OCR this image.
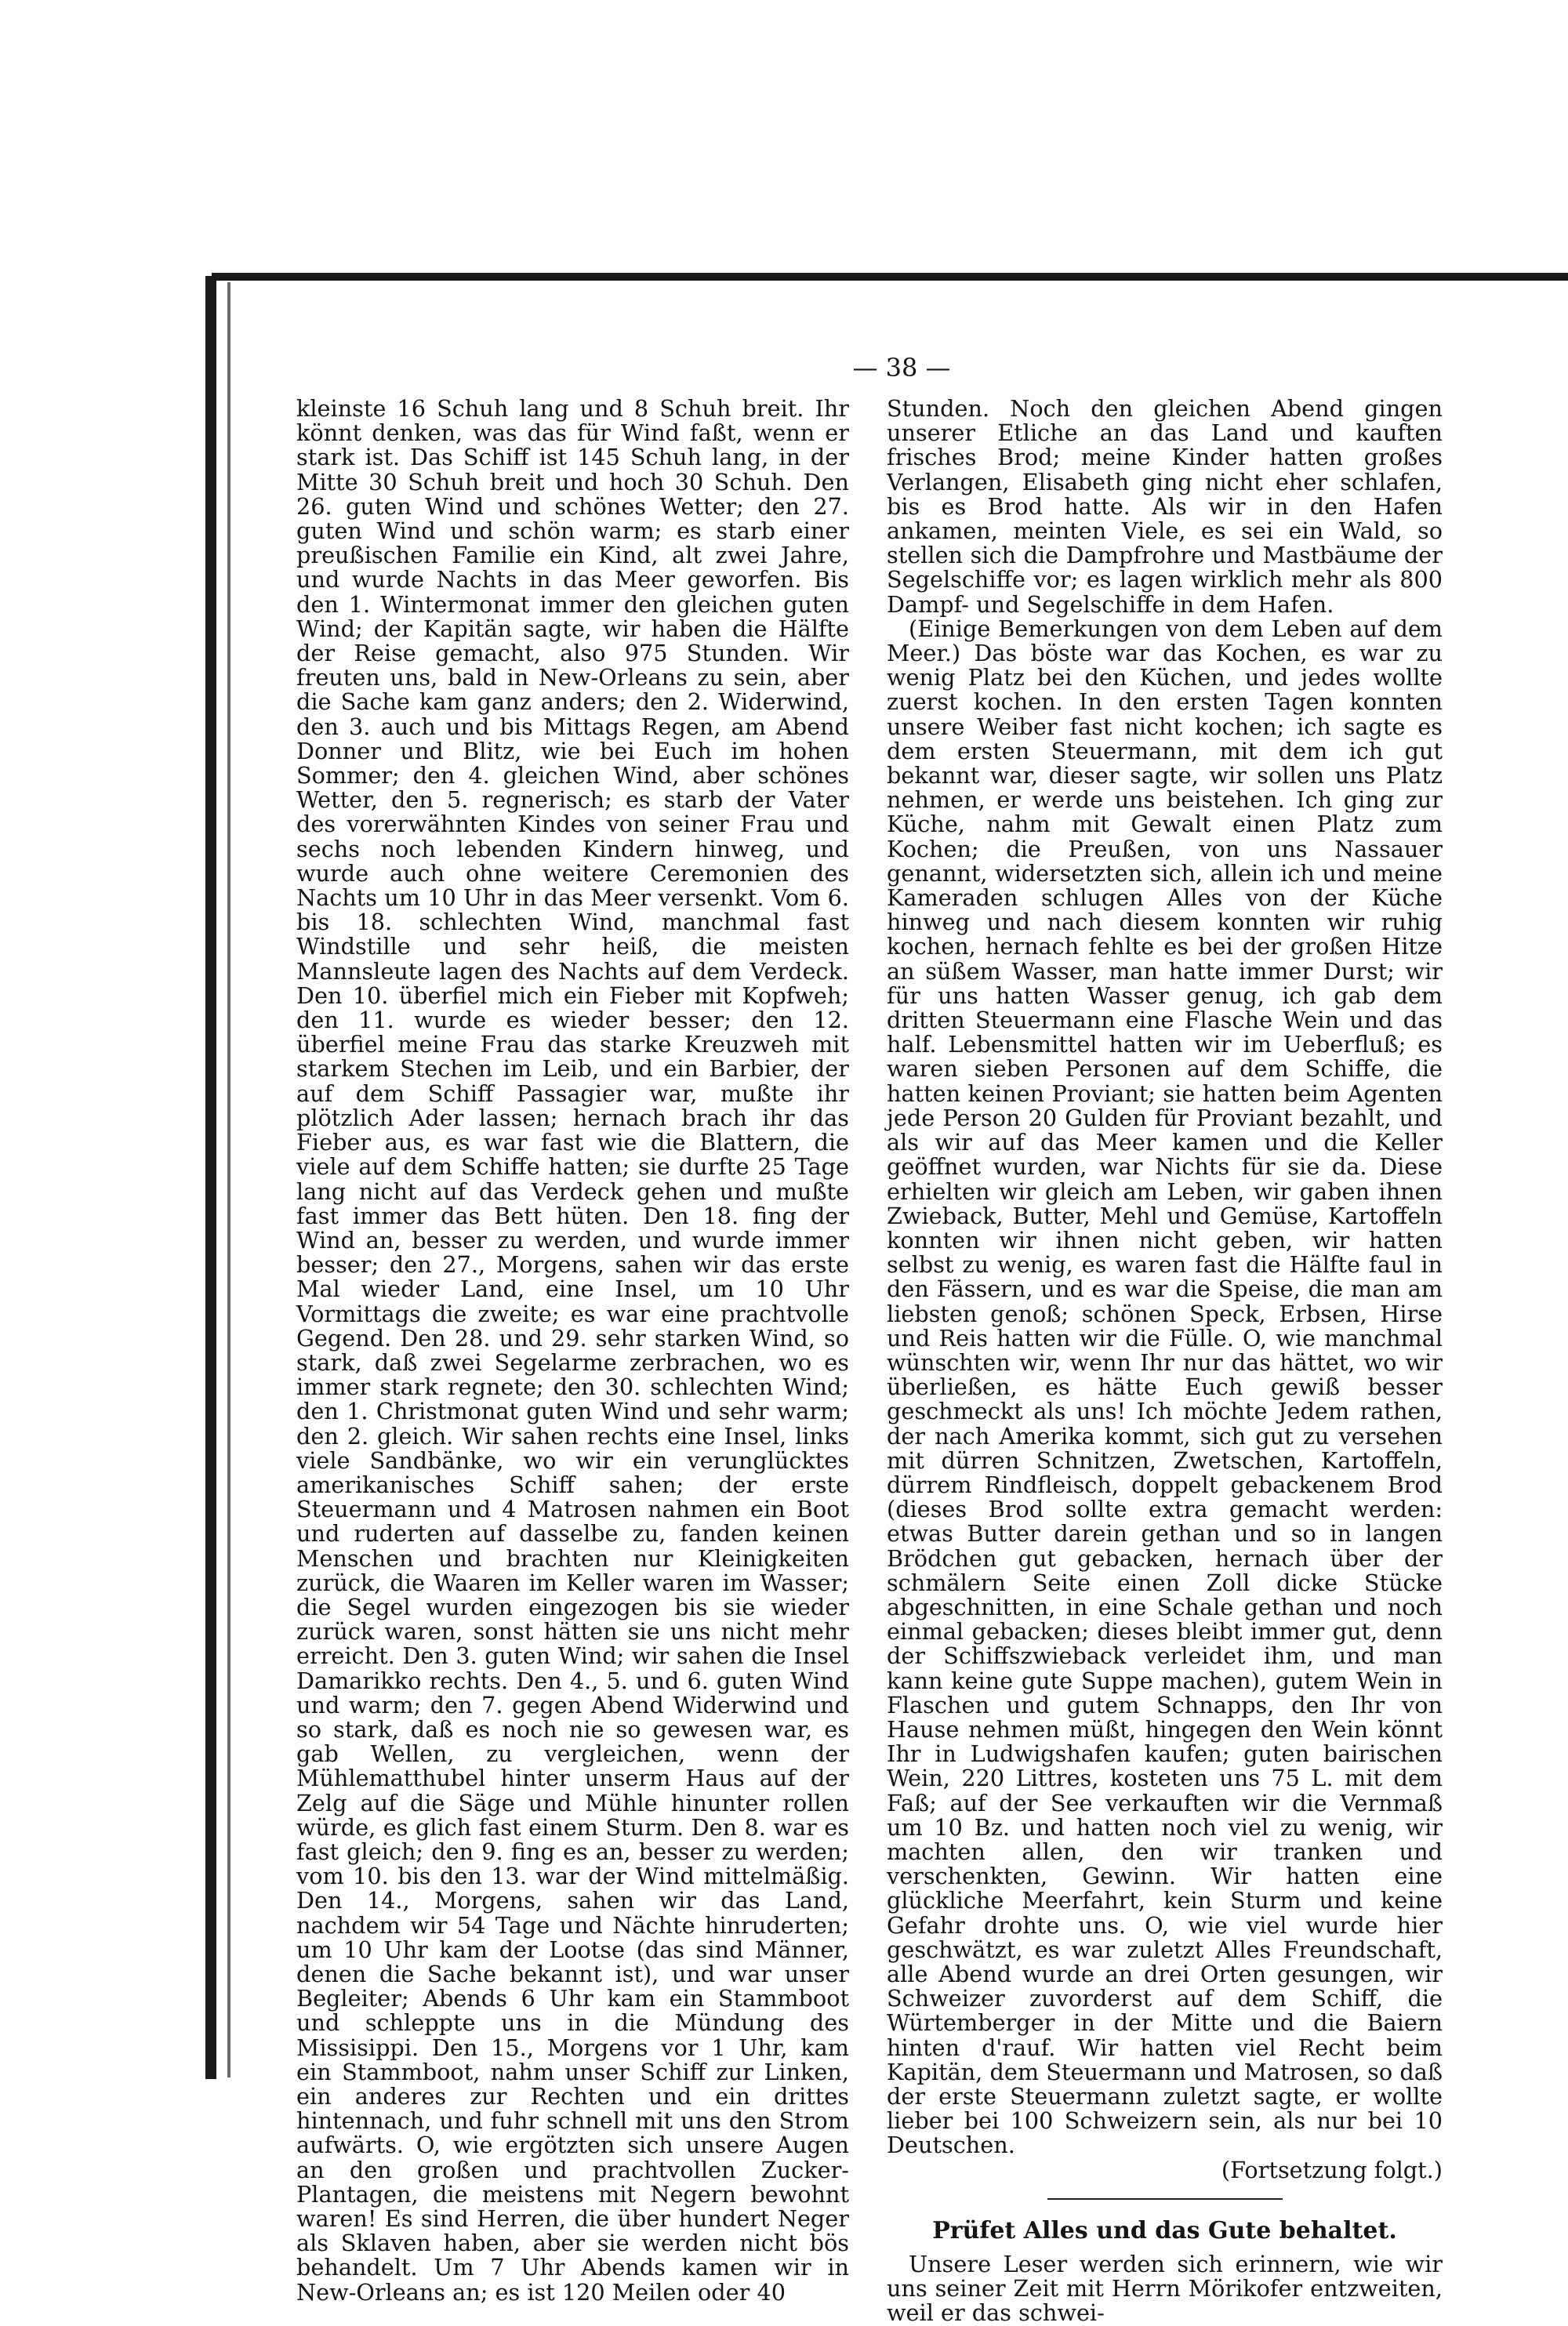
— 38 —

kleinste 16 Schuh lang und 8 Schuh breit. Ihr könnt denken, was das für Wind faßt, wenn er stark ist. Das Schiff ist 145 Schuh lang, in der Mitte 30 Schuh breit und hoch 30 Schuh. Den 26. guten Wind und schönes Wetter; den 27. guten Wind und schön warm; es starb einer preußischen Familie ein Kind, alt zwei Jahre, und wurde Nachts in das Meer geworfen. Bis den 1. Wintermonat immer den gleichen guten Wind; der Kapitän sagte, wir haben die Hälfte der Reise gemacht, also 975 Stunden. Wir freuten uns, bald in New-Orleans zu sein, aber die Sache kam ganz anders; den 2. Widerwind, den 3. auch und bis Mittags Regen, am Abend Donner und Blitz, wie bei Euch im hohen Sommer; den 4. gleichen Wind, aber schönes Wetter, den 5. regnerisch; es starb der Vater des vorerwähnten Kindes von seiner Frau und sechs noch lebenden Kindern hinweg, und wurde auch ohne weitere Ceremonien des Nachts um 10 Uhr in das Meer versenkt. Vom 6. bis 18. schlechten Wind, manchmal fast Windstille und sehr heiß, die meisten Mannsleute lagen des Nachts auf dem Verdeck. Den 10. überfiel mich ein Fieber mit Kopfweh; den 11. wurde es wieder besser; den 12. überfiel meine Frau das starke Kreuzweh mit starkem Stechen im Leib, und ein Barbier, der auf dem Schiff Passagier war, mußte ihr plötzlich Ader lassen; hernach brach ihr das Fieber aus, es war fast wie die Blattern, die viele auf dem Schiffe hatten; sie durfte 25 Tage lang nicht auf das Verdeck gehen und mußte fast immer das Bett hüten. Den 18. fing der Wind an, besser zu werden, und wurde immer besser; den 27., Morgens, sahen wir das erste Mal wieder Land, eine Insel, um 10 Uhr Vormittags die zweite; es war eine prachtvolle Gegend. Den 28. und 29. sehr starken Wind, so stark, daß zwei Segelarme zerbrachen, wo es immer stark regnete; den 30. schlechten Wind; den 1. Christmonat guten Wind und sehr warm; den 2. gleich. Wir sahen rechts eine Insel, links viele Sandbänke, wo wir ein verunglücktes amerikanisches Schiff sahen; der erste Steuermann und 4 Matrosen nahmen ein Boot und ruderten auf dasselbe zu, fanden keinen Menschen und brachten nur Kleinigkeiten zurück, die Waaren im Keller waren im Wasser; die Segel wurden eingezogen bis sie wieder zurück waren, sonst hätten sie uns nicht mehr erreicht. Den 3. guten Wind; wir sahen die Insel Damarikko rechts. Den 4., 5. und 6. guten Wind und warm; den 7. gegen Abend Widerwind und so stark, daß es noch nie so gewesen war, es gab Wellen, zu vergleichen, wenn der Mühlematthubel hinter unserm Haus auf der Zelg auf die Säge und Mühle hinunter rollen würde, es glich fast einem Sturm. Den 8. war es fast gleich; den 9. fing es an, besser zu werden; vom 10. bis den 13. war der Wind mittelmäßig. Den 14., Morgens, sahen wir das Land, nachdem wir 54 Tage und Nächte hinruderten; um 10 Uhr kam der Lootse (das sind Männer, denen die Sache bekannt ist), und war unser Begleiter; Abends 6 Uhr kam ein Stammboot und schleppte uns in die Mündung des Missisippi. Den 15., Morgens vor 1 Uhr, kam ein Stammboot, nahm unser Schiff zur Linken, ein anderes zur Rechten und ein drittes hintennach, und fuhr schnell mit uns den Strom aufwärts. O, wie ergötzten sich unsere Augen an den großen und prachtvollen Zucker-Plantagen, die meistens mit Negern bewohnt waren! Es sind Herren, die über hundert Neger als Sklaven haben, aber sie werden nicht bös behandelt. Um 7 Uhr Abends kamen wir in New-Orleans an; es ist 120 Meilen oder 40

Stunden. Noch den gleichen Abend gingen unserer Etliche an das Land und kauften frisches Brod; meine Kinder hatten großes Verlangen, Elisabeth ging nicht eher schlafen, bis es Brod hatte. Als wir in den Hafen ankamen, meinten Viele, es sei ein Wald, so stellen sich die Dampfrohre und Mastbäume der Segelschiffe vor; es lagen wirklich mehr als 800 Dampf- und Segelschiffe in dem Hafen.

(Einige Bemerkungen von dem Leben auf dem Meer.) Das böste war das Kochen, es war zu wenig Platz bei den Küchen, und jedes wollte zuerst kochen. In den ersten Tagen konnten unsere Weiber fast nicht kochen; ich sagte es dem ersten Steuermann, mit dem ich gut bekannt war, dieser sagte, wir sollen uns Platz nehmen, er werde uns beistehen. Ich ging zur Küche, nahm mit Gewalt einen Platz zum Kochen; die Preußen, von uns Nassauer genannt, widersetzten sich, allein ich und meine Kameraden schlugen Alles von der Küche hinweg und nach diesem konnten wir ruhig kochen, hernach fehlte es bei der großen Hitze an süßem Wasser, man hatte immer Durst; wir für uns hatten Wasser genug, ich gab dem dritten Steuermann eine Flasche Wein und das half. Lebensmittel hatten wir im Ueberfluß; es waren sieben Personen auf dem Schiffe, die hatten keinen Proviant; sie hatten beim Agenten jede Person 20 Gulden für Proviant bezahlt, und als wir auf das Meer kamen und die Keller geöffnet wurden, war Nichts für sie da. Diese erhielten wir gleich am Leben, wir gaben ihnen Zwieback, Butter, Mehl und Gemüse, Kartoffeln konnten wir ihnen nicht geben, wir hatten selbst zu wenig, es waren fast die Hälfte faul in den Fässern, und es war die Speise, die man am liebsten genoß; schönen Speck, Erbsen, Hirse und Reis hatten wir die Fülle. O, wie manchmal wünschten wir, wenn Ihr nur das hättet, wo wir überließen, es hätte Euch gewiß besser geschmeckt als uns! Ich möchte Jedem rathen, der nach Amerika kommt, sich gut zu versehen mit dürren Schnitzen, Zwetschen, Kartoffeln, dürrem Rindfleisch, doppelt gebackenem Brod (dieses Brod sollte extra gemacht werden: etwas Butter darein gethan und so in langen Brödchen gut gebacken, hernach über der schmälern Seite einen Zoll dicke Stücke abgeschnitten, in eine Schale gethan und noch einmal gebacken; dieses bleibt immer gut, denn der Schiffszwieback verleidet ihm, und man kann keine gute Suppe machen), gutem Wein in Flaschen und gutem Schnapps, den Ihr von Hause nehmen müßt, hingegen den Wein könnt Ihr in Ludwigshafen kaufen; guten bairischen Wein, 220 Littres, kosteten uns 75 L. mit dem Faß; auf der See verkauften wir die Vernmaß um 10 Bz. und hatten noch viel zu wenig, wir machten allen, den wir tranken und verschenkten, Gewinn. Wir hatten eine glückliche Meerfahrt, kein Sturm und keine Gefahr drohte uns. O, wie viel wurde hier geschwätzt, es war zuletzt Alles Freundschaft, alle Abend wurde an drei Orten gesungen, wir Schweizer zuvorderst auf dem Schiff, die Würtemberger in der Mitte und die Baiern hinten d'rauf. Wir hatten viel Recht beim Kapitän, dem Steuermann und Matrosen, so daß der erste Steuermann zuletzt sagte, er wollte lieber bei 100 Schweizern sein, als nur bei 10 Deutschen.

(Fortsetzung folgt.)

Prüfet Alles und das Gute behaltet.

Unsere Leser werden sich erinnern, wie wir uns seiner Zeit mit Herrn Mörikofer entzweiten, weil er das schwei-
